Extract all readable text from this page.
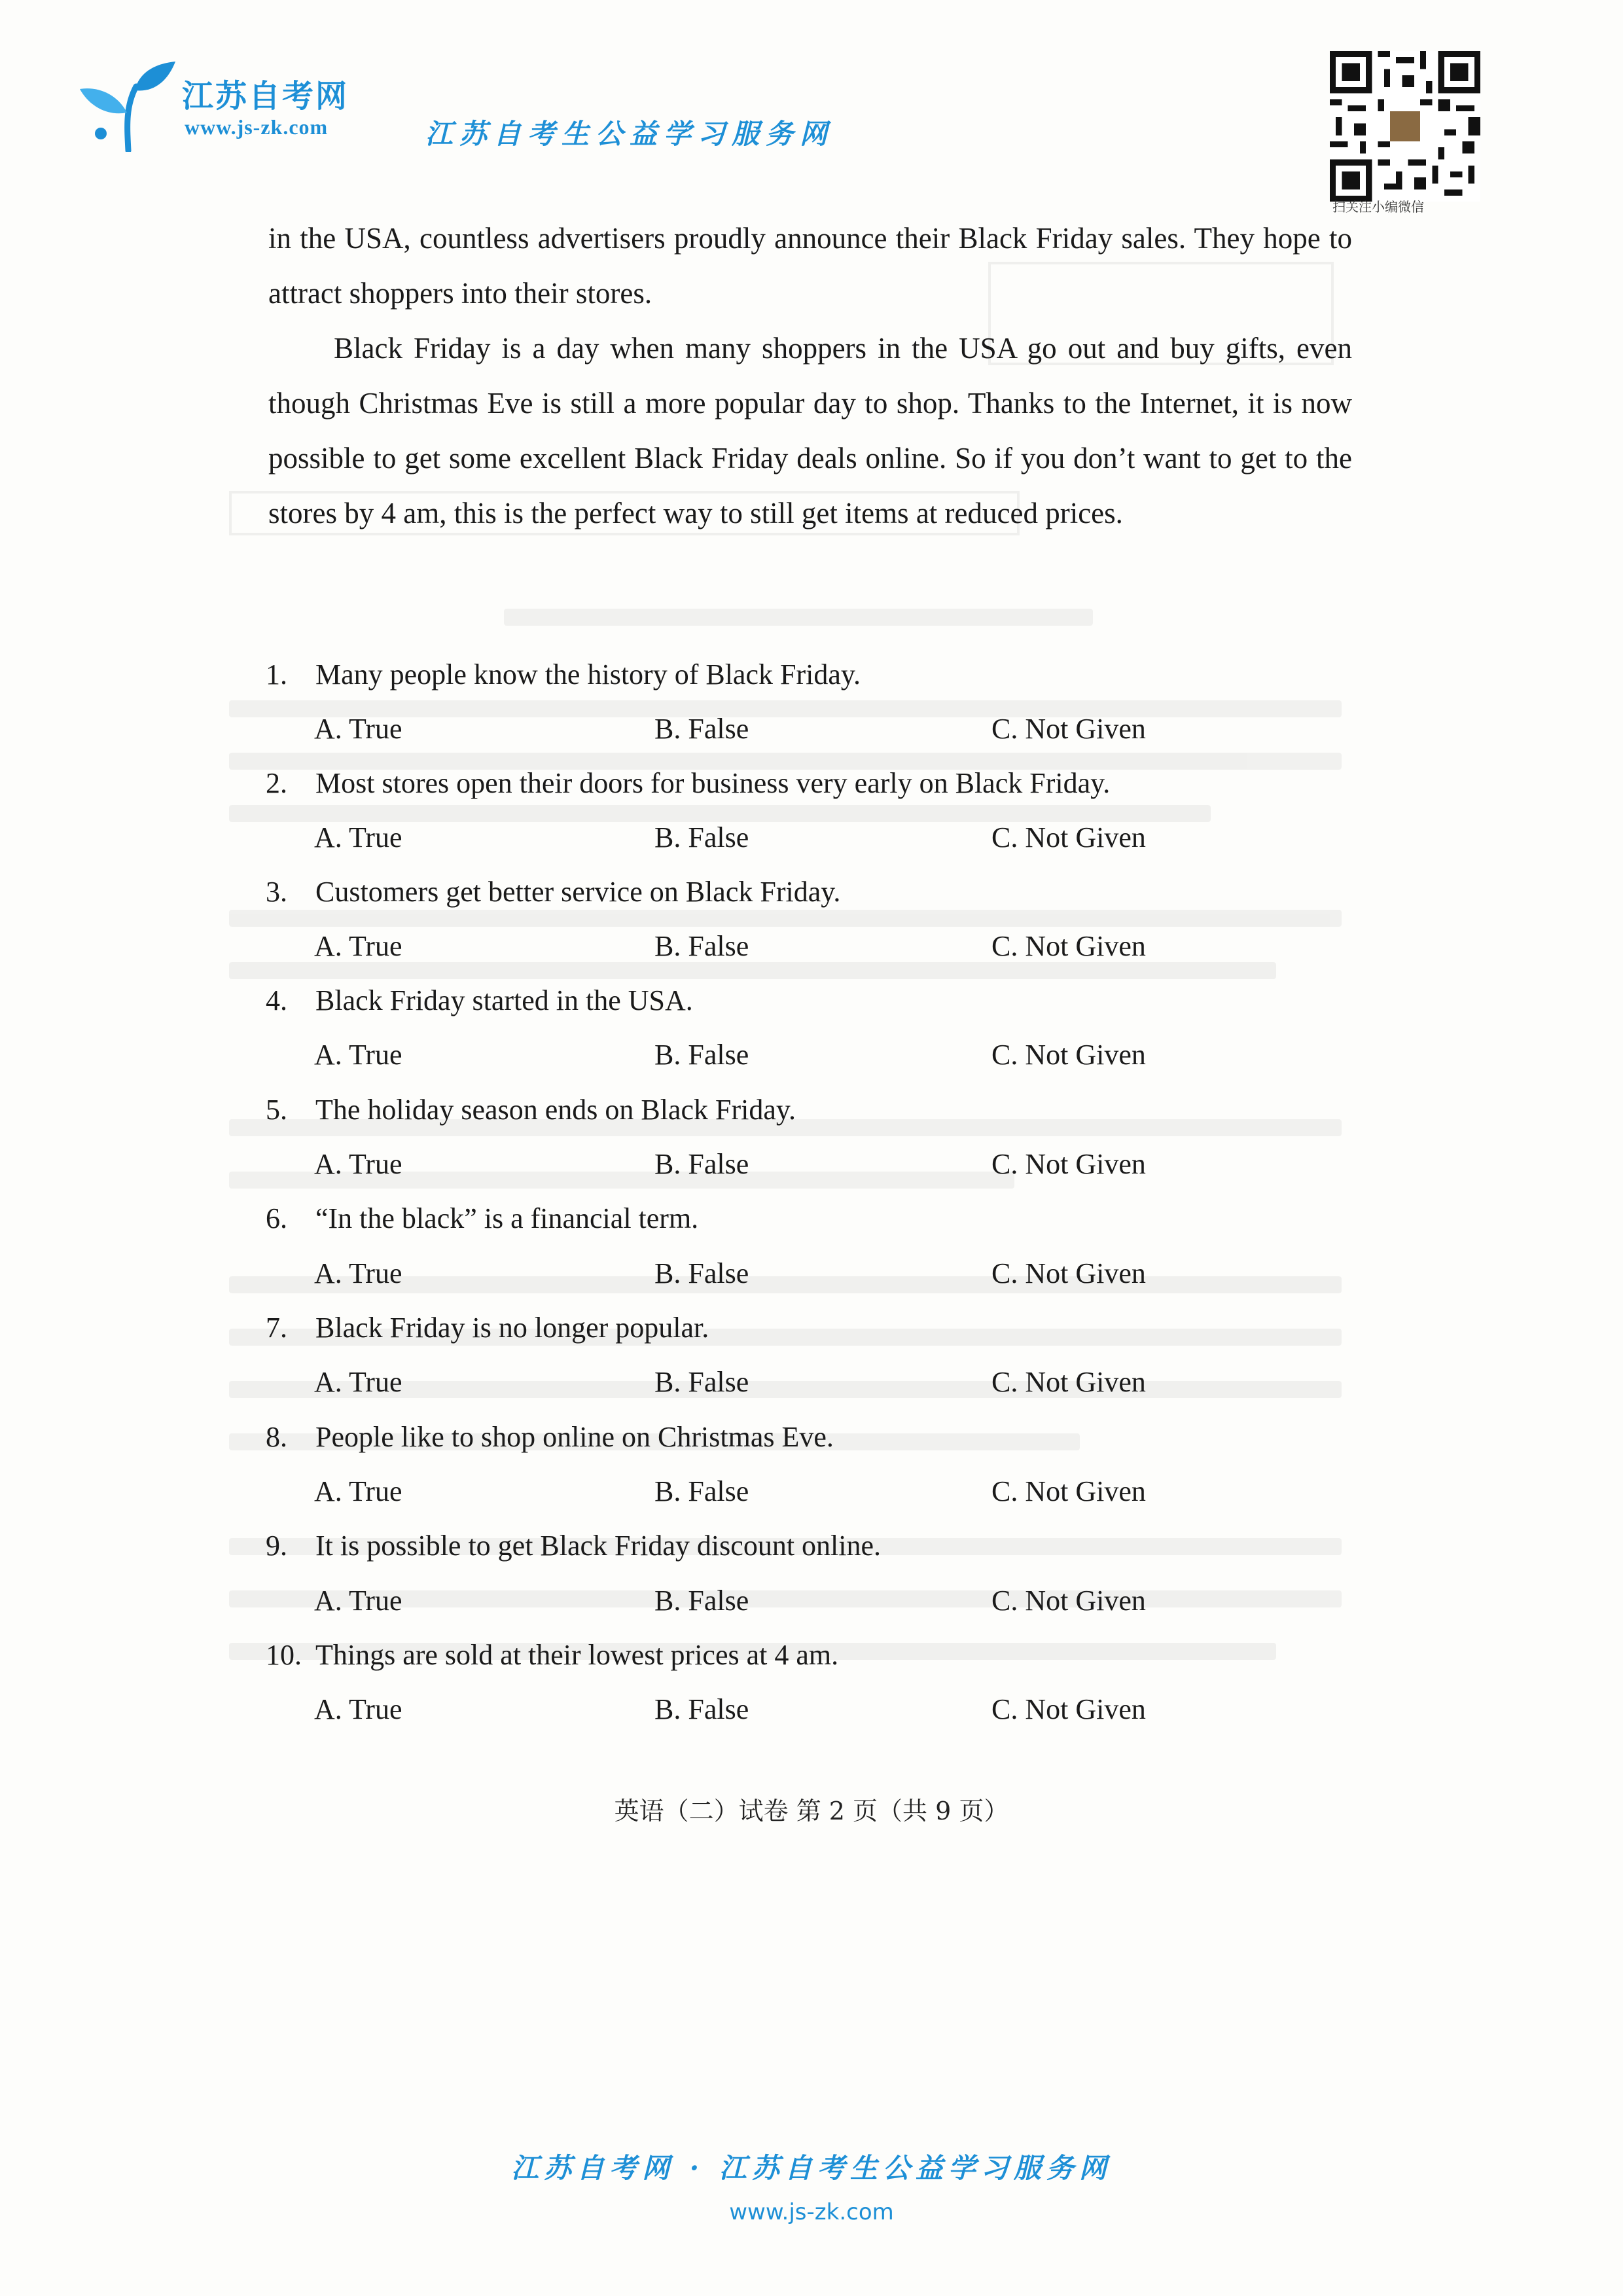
江苏自考网
www.js-zk.com	江苏自考生公益学习服务网
扫关注小编微信

in the USA, countless advertisers proudly announce their Black Friday sales. They hope to attract shoppers into their stores.

Black Friday is a day when many shoppers in the USA go out and buy gifts, even though Christmas Eve is still a more popular day to shop. Thanks to the Internet, it is now possible to get some excellent Black Friday deals online. So if you don’t want to get to the stores by 4 am, this is the perfect way to still get items at reduced prices.

1. Many people know the history of Black Friday.
A. True	B. False	C. Not Given
2. Most stores open their doors for business very early on Black Friday.
A. True	B. False	C. Not Given
3. Customers get better service on Black Friday.
A. True	B. False	C. Not Given
4. Black Friday started in the USA.
A. True	B. False	C. Not Given
5. The holiday season ends on Black Friday.
A. True	B. False	C. Not Given
6. “In the black” is a financial term.
A. True	B. False	C. Not Given
7. Black Friday is no longer popular.
A. True	B. False	C. Not Given
8. People like to shop online on Christmas Eve.
A. True	B. False	C. Not Given
9. It is possible to get Black Friday discount online.
A. True	B. False	C. Not Given
10. Things are sold at their lowest prices at 4 am.
A. True	B. False	C. Not Given
英语（二）试卷 第 2 页（共 9 页）
江苏自考网 · 江苏自考生公益学习服务网
www.js-zk.com
